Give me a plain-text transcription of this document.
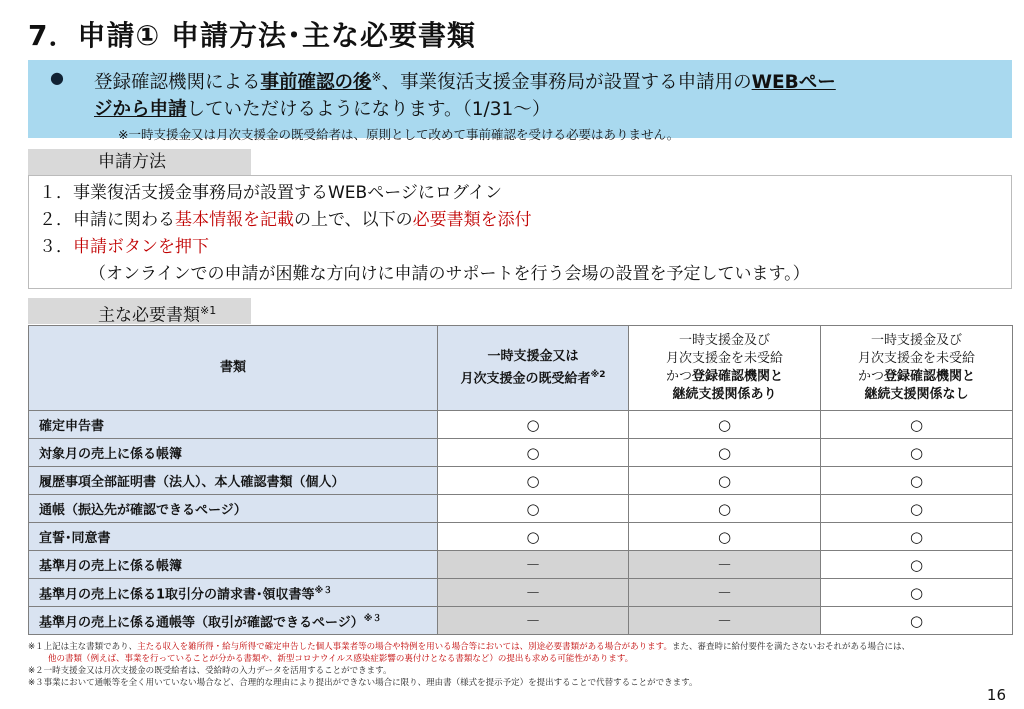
7．申請① 申請方法･主な必要書類
●	登録確認機関による事前確認の後※、事業復活支援金事務局が設置する申請用のWEBペー
ジから申請していただけるようになります。（1/31～）
※一時支援金又は月次支援金の既受給者は、原則として改めて事前確認を受ける必要はありません。
申請方法
１．事業復活支援金事務局が設置するWEBページにログイン
２．申請に関わる基本情報を記載の上で、以下の必要書類を添付
３．申請ボタンを押下
（オンラインでの申請が困難な方向けに申請のサポートを行う会場の設置を予定しています。）
主な必要書類$^{※1}$
書類	一時支援金又は
月次支援金の既受給者$^{※2}$	一時支援金及び
月次支援金を未受給
かつ登録確認機関と
継続支援関係あり	一時支援金及び
月次支援金を未受給
かつ登録確認機関と
継続支援関係なし
確定申告書	○	○	○
対象月の売上に係る帳簿	○	○	○
履歴事項全部証明書（法人）、本人確認書類（個人）	○	○	○
通帳（振込先が確認できるページ）	○	○	○
宣誓･同意書	○	○	○
基準月の売上に係る帳簿	－	－	○
基準月の売上に係る1取引分の請求書･領収書等$^{※3}$	－	－	○
基準月の売上に係る通帳等（取引が確認できるページ）$^{※3}$	－	－	○
※１上記は主な書類であり、主たる収入を雑所得・給与所得で確定申告した個人事業者等の場合や特例を用いる場合等においては、別途必要書類がある場合があります。また、審査時に給付要件を満たさないおそれがある場合には、
他の書類（例えば、事業を行っていることが分かる書類や、新型コロナウイルス感染症影響の裏付けとなる書類など）の提出も求める可能性があります。
※２一時支援金又は月次支援金の既受給者は、受給時の入力データを活用することができます。
※３事業において通帳等を全く用いていない場合など、合理的な理由により提出ができない場合に限り、理由書（様式を提示予定）を提出することで代替することができます。
16
